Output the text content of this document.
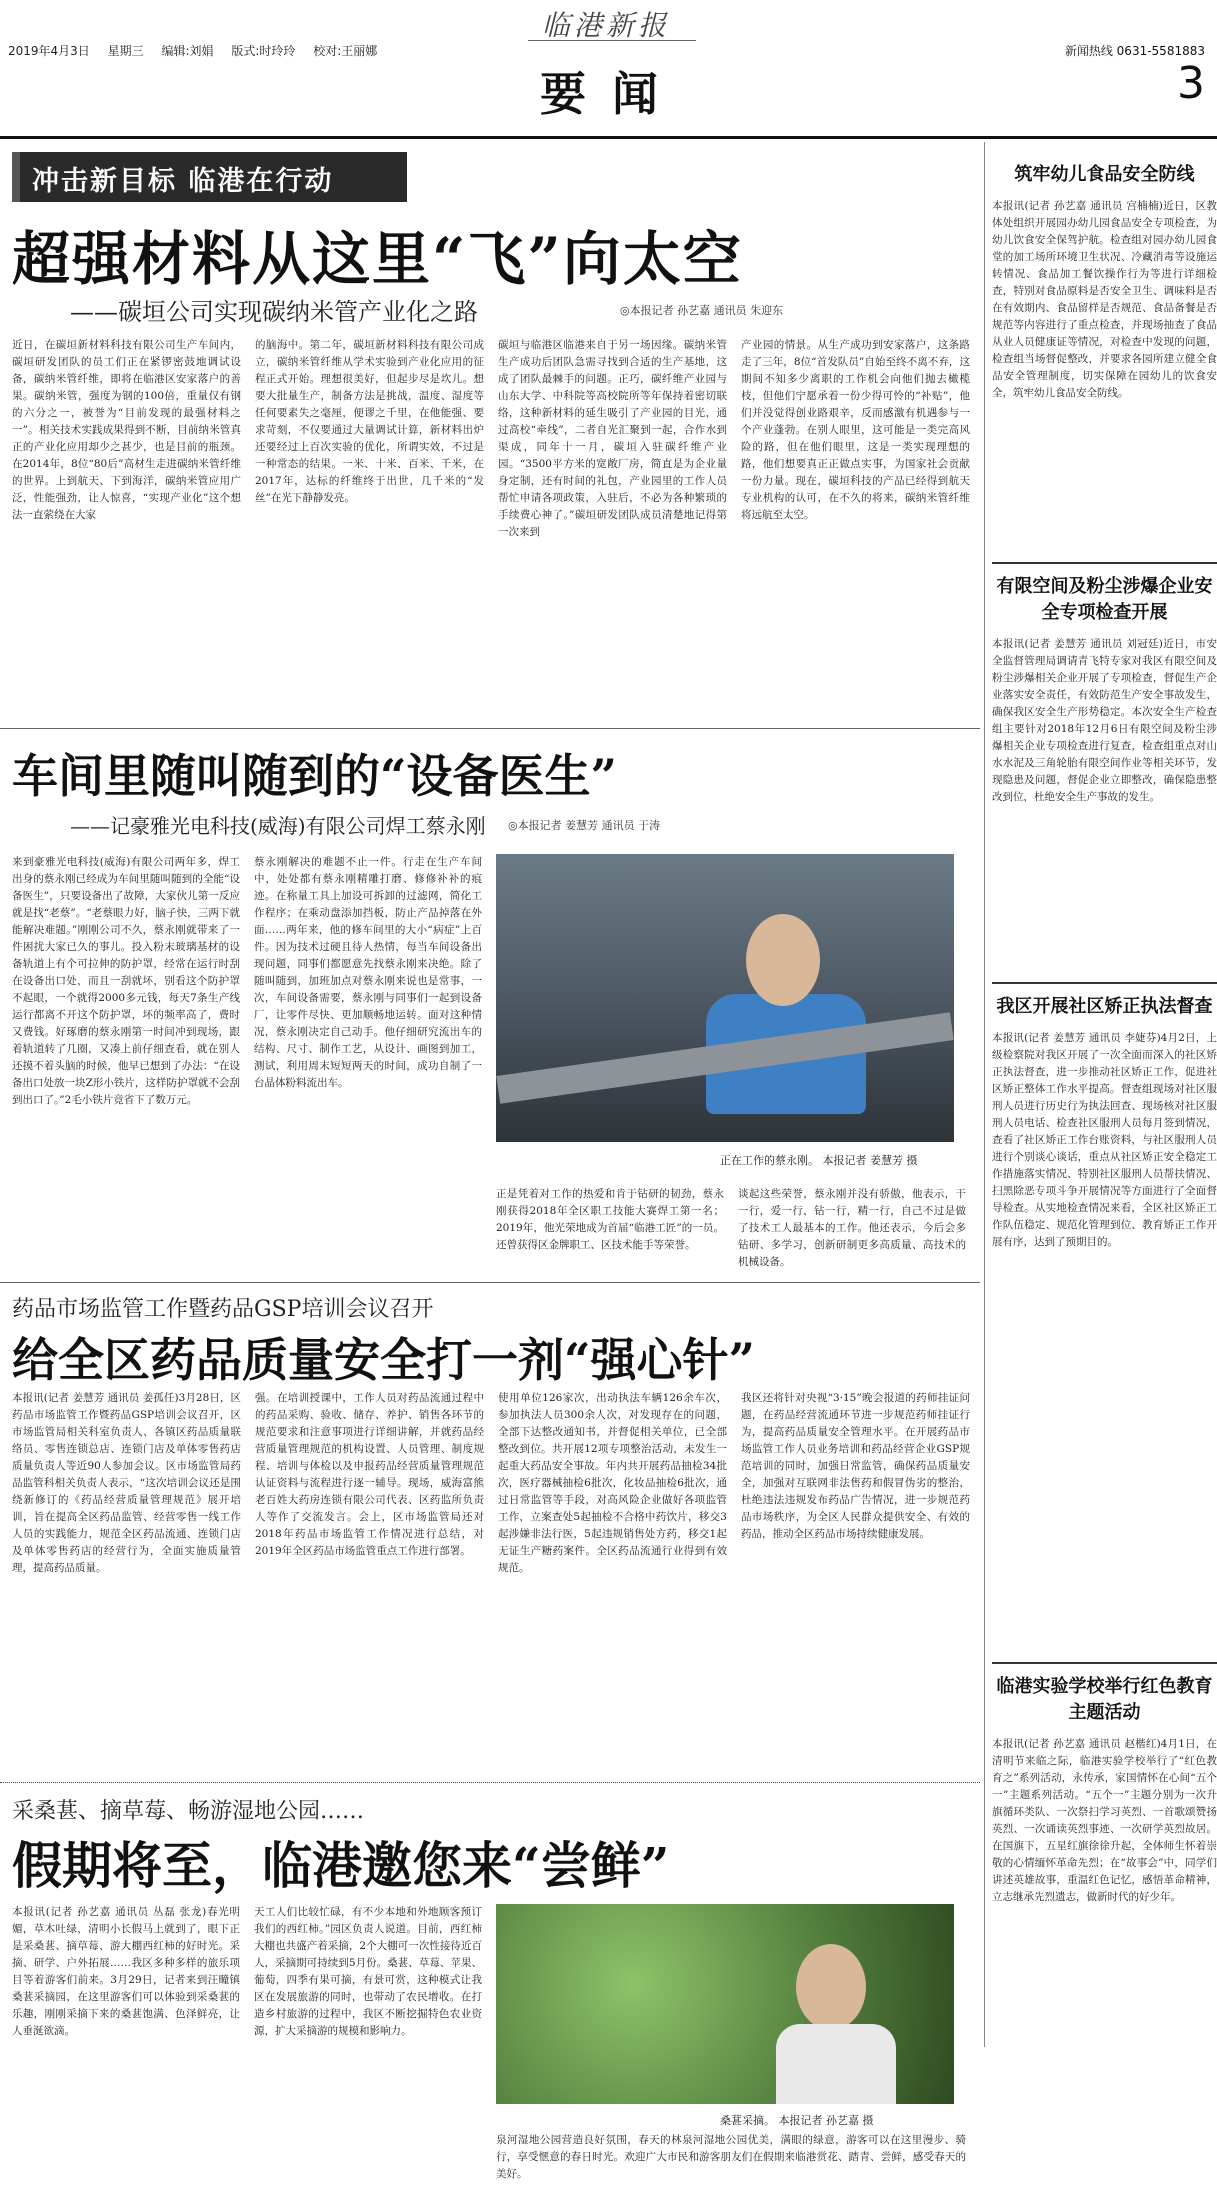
2019年4月3日 星期三 编辑:刘娟 版式:时玲玲 校对:王丽娜
临港新报
要闻
新闻热线 0631-5581883
3
冲击新目标 临港在行动
超强材料从这里“飞”向太空
——碳垣公司实现碳纳米管产业化之路	◎本报记者 孙艺嘉 通讯员 朱迎东
近日，在碳垣新材料科技有限公司生产车间内，碳垣研发团队的员工们正在紧锣密鼓地调试设备，碳纳米管纤维，即将在临港区安家落户的善果。碳纳米管，强度为钢的100倍，重量仅有钢的六分之一，被誉为“目前发现的最强材料之一”。相关技术实践成果得到不断，目前纳米管真正的产业化应用却少之甚少，也是目前的瓶颈。在2014年，8位“80后”高材生走进碳纳米管纤维的世界。上到航天、下到海洋，碳纳米管应用广泛，性能强劲，让人惊喜，“实现产业化”这个想法一直萦绕在大家
的脑海中。第二年，碳垣新材料科技有限公司成立，碳纳米管纤维从学术实验到产业化应用的征程正式开始。理想很美好，但起步尽是坎儿。想要大批量生产，制备方法是挑战，温度、湿度等任何要素失之毫厘，便谬之千里，在他能强、要求苛刻，不仅要通过大量调试计算，新材料出炉还要经过上百次实验的优化，所谓实效，不过是一种常态的结果。一米、十米、百米、千米，在2017年，达标的纤维终于出世，几千米的“发丝”在光下静静发亮。
碳垣与临港区临港来自于另一场因缘。碳纳米管生产成功后团队急需寻找到合适的生产基地，这成了团队最棘手的问题。正巧，碳纤维产业园与山东大学、中科院等高校院所等年保持着密切联络，这种新材料的延生吸引了产业园的目光，通过高校“牵线”，二者自光汇聚到一起，合作水到渠成，同年十一月，碳垣入驻碳纤维产业园。“3500平方米的宽敞厂房，简直是为企业量身定制，还有时间的礼包，产业园里的工作人员帮忙申请各项政策，入驻后，不必为各种繁琐的手续费心神了。”碳垣研发团队成员清楚地记得第一次来到
产业园的情景。从生产成功到安家落户，这条路走了三年，8位“首发队员”自始至终不离不弃，这期间不知多少离职的工作机会向他们抛去橄榄枝，但他们宁愿承着一份少得可怜的“补贴”，他们并没觉得创业路艰辛，反而感激有机遇参与一个产业蓬勃。在别人眼里，这可能是一类完高风险的路，但在他们眼里，这是一类实现理想的路，他们想要真正正做点实事，为国家社会贡献一份力量。现在，碳垣科技的产品已经得到航天专业机构的认可，在不久的将来，碳纳米管纤维将远航至太空。
车间里随叫随到的“设备医生”
——记豪雅光电科技(威海)有限公司焊工蔡永刚 ◎本报记者 姜慧芳 通讯员 于涛
来到豪雅光电科技(威海)有限公司两年多，焊工出身的蔡永刚已经成为车间里随叫随到的全能“设备医生”，只要设备出了故障，大家伙儿第一反应就是找“老蔡”。“老蔡眼力好，脑子快，三两下就能解决难题。”刚刚公司不久，蔡永刚就带来了一件困扰大家已久的事儿。投入粉末玻璃基材的设备轨道上有个可拉伸的防护罩，经常在运行时刮在设备出口处，而且一刮就坏，别看这个防护罩不起眼，一个就得2000多元钱，每天7条生产线运行都离不开这个防护罩，坏的频率高了，费时又费钱。好琢磨的蔡永刚第一时间冲到现场，跟着轨道转了几圈，又凑上前仔细查看，就在别人还摸不着头脑的时候，他早已想到了办法：“在设备出口处放一块Z形小铁片，这样防护罩就不会刮到出口了。”2毛小铁片竟省下了数万元。
蔡永刚解决的难题不止一件。行走在生产车间中，处处都有蔡永刚精雕打磨、修修补补的痕迹。在称量工具上加设可拆卸的过滤网，简化工作程序；在乘动盘添加挡板，防止产品掉落在外面……两年来，他的修车间里的大小“病症”上百件。因为技术过硬且待人热情，每当车间设备出现问题，同事们都愿意先找蔡永刚来决绝。除了随叫随到，加班加点对蔡永刚来说也是常事，一次，车间设备需要，蔡永刚与同事们一起到设备厂，让零件尽快、更加顺畅地运转。面对这种情况，蔡永刚决定自己动手。他仔细研究流出车的结构、尺寸、制作工艺，从设计、画图到加工，测试，利用周末短短两天的时间，成功自制了一台晶体粉料流出车。
正在工作的蔡永刚。 本报记者 姜慧芳 摄
正是凭着对工作的热爱和肯于钻研的韧劲，蔡永刚获得2018年全区职工技能大赛焊工第一名；2019年，他光荣地成为首届“临港工匠”的一员。还曾获得区金牌职工、区技术能手等荣誉。
谈起这些荣誉，蔡永刚并没有骄傲，他表示，干一行，爱一行，钻一行，精一行，自己不过是做了技术工人最基本的工作。他还表示，今后会多钻研、多学习，创新研制更多高质量、高技术的机械设备。
药品市场监管工作暨药品GSP培训会议召开
给全区药品质量安全打一剂“强心针”
本报讯(记者 姜慧芳 通讯员 姜孤任)3月28日，区药品市场监管工作暨药品GSP培训会议召开，区市场监管局相关科室负责人、各镇区药品质量联络员、零售连锁总店、连锁门店及单体零售药店质量负责人等近90人参加会议。区市场监管局药品监管科相关负责人表示，“这次培训会议还是围绕新修订的《药品经营质量管理规范》展开培训，旨在提高全区药品监管、经营零售一线工作人员的实践能力，规范全区药品流通、连锁门店及单体零售药店的经营行为，全面实施质量管理，提高药品质量。
强。在培训授课中，工作人员对药品流通过程中的药品采购、验收、储存、养护、销售各环节的规范要求和注意事项进行详细讲解，并就药品经营质量管理规范的机构设置、人员管理、制度规程、培训与体检以及申报药品经营质量管理规范认证资料与流程进行逐一辅导。现场，威海富熊老百姓大药房连锁有限公司代表、区药监所负责人等作了交流发言。会上，区市场监管局还对2018年药品市场监管工作情况进行总结，对2019年全区药品市场监管重点工作进行部署。
使用单位126家次，出动执法车辆126余车次，参加执法人员300余人次，对发现存在的问题，全部下达整改通知书，并督促相关单位，已全部整改到位。共开展12项专项整治活动，未发生一起重大药品安全事故。年内共开展药品抽检34批次，医疗器械抽检6批次，化妆品抽检6批次，通过日常监管等手段，对高风险企业做好各项监管工作，立案查处5起抽检不合格中药饮片，移交3起涉嫌非法行医，5起违规销售处方药，移交1起无证生产糖药案件。全区药品流通行业得到有效规范。
我区还将针对央视“3·15”晚会报道的药师挂证问题，在药品经营流通环节进一步规范药师挂证行为，提高药品质量安全管理水平。在开展药品市场监管工作人员业务培训和药品经营企业GSP规范培训的同时，加强日常监管，确保药品质量安全，加强对互联网非法售药和假冒伪劣的整治，杜绝违法违规发布药品广告情况，进一步规范药品市场秩序，为全区人民群众提供安全、有效的药品，推动全区药品市场持续健康发展。
采桑葚、摘草莓、畅游湿地公园……
假期将至，临港邀您来“尝鲜”
本报讯(记者 孙艺嘉 通讯员 丛磊 张龙)春光明媚，草木吐绿，清明小长假马上就到了，眼下正是采桑葚、摘草莓、游大棚西红柿的好时光。采摘、研学、户外拓展……我区多种多样的旅乐项目等着游客们前来。3月29日，记者来到汪疃镇桑葚采摘园，在这里游客们可以体验到采桑葚的乐趣，刚刚采摘下来的桑葚饱满、色泽鲜亮，让人垂涎欲滴。
天工人们比较忙碌，有不少本地和外地顾客预订我们的西红柿。”园区负责人说道。目前，西红柿大棚也共盛产着采摘，2个大棚可一次性接待近百人，采摘期可持续到5月份。桑葚、草莓、苹果、葡萄，四季有果可摘，有景可赏，这种模式让我区在发展旅游的同时，也带动了农民增收。在打造乡村旅游的过程中，我区不断挖掘特色农业资源，扩大采摘游的规模和影响力。
桑葚采摘。 本报记者 孙艺嘉 摄
泉河湿地公园营造良好氛围，春天的林泉河湿地公园优美，满眼的绿意，游客可以在这里漫步、骑行，享受惬意的春日时光。欢迎广大市民和游客朋友们在假期来临港赏花、踏青、尝鲜，感受春天的美好。
筑牢幼儿食品安全防线
本报讯(记者 孙艺嘉 通讯员 宫楠楠)近日，区教体处组织开展园办幼儿园食品安全专项检查，为幼儿饮食安全保驾护航。检查组对园办幼儿园食堂的加工场所环境卫生状况、冷藏消毒等设施运转情况、食品加工餐饮操作行为等进行详细检查，特别对食品原料是否安全卫生、调味料是否在有效期内、食品留样是否规范、食品备餐是否规范等内容进行了重点检查，并现场抽查了食品从业人员健康证等情况，对检查中发现的问题，检查组当场督促整改，并要求各园所建立健全食品安全管理制度，切实保障在园幼儿的饮食安全，筑牢幼儿食品安全防线。
有限空间及粉尘涉爆企业安全专项检查开展
本报讯(记者 姜慧芳 通讯员 刘冠廷)近日，市安全监督管理局调请青飞特专家对我区有限空间及粉尘涉爆相关企业开展了专项检查，督促生产企业落实安全责任，有效防范生产安全事故发生，确保我区安全生产形势稳定。本次安全生产检查组主要针对2018年12月6日有限空间及粉尘涉爆相关企业专项检查进行复查，检查组重点对山水水泥及三角轮胎有限空间作业等相关环节，发现隐患及问题，督促企业立即整改，确保隐患整改到位，杜绝安全生产事故的发生。
我区开展社区矫正执法督查
本报讯(记者 姜慧芳 通讯员 李婕芬)4月2日，上级检察院对我区开展了一次全面而深入的社区矫正执法督查，进一步推动社区矫正工作，促进社区矫正整体工作水平提高。督查组现场对社区服刑人员进行历史行为执法回查、现场核对社区服刑人员电话、检查社区服刑人员每月签到情况，查看了社区矫正工作台账资料，与社区服刑人员进行个别谈心谈话，重点从社区矫正安全稳定工作措施落实情况、特别社区服刑人员帮扶情况、扫黑除恶专项斗争开展情况等方面进行了全面督导检查。从实地检查情况来看，全区社区矫正工作队伍稳定、规范化管理到位、教育矫正工作开展有序，达到了预期目的。
临港实验学校举行红色教育主题活动
本报讯(记者 孙艺嘉 通讯员 赵楷红)4月1日，在清明节来临之际，临港实验学校举行了“红色教育之”系列活动，永传承，家国情怀在心间“五个一”主题系列活动。“五个一”主题分别为一次升旗循环类队、一次祭扫学习英烈、一首歌颂赞扬英烈、一次诵读英烈事迹、一次研学英烈故居。在国旗下，五星红旗徐徐升起，全体师生怀着崇敬的心情缅怀革命先烈；在“故事会”中，同学们讲述英雄故事，重温红色记忆，感悟革命精神，立志继承先烈遗志，做新时代的好少年。
